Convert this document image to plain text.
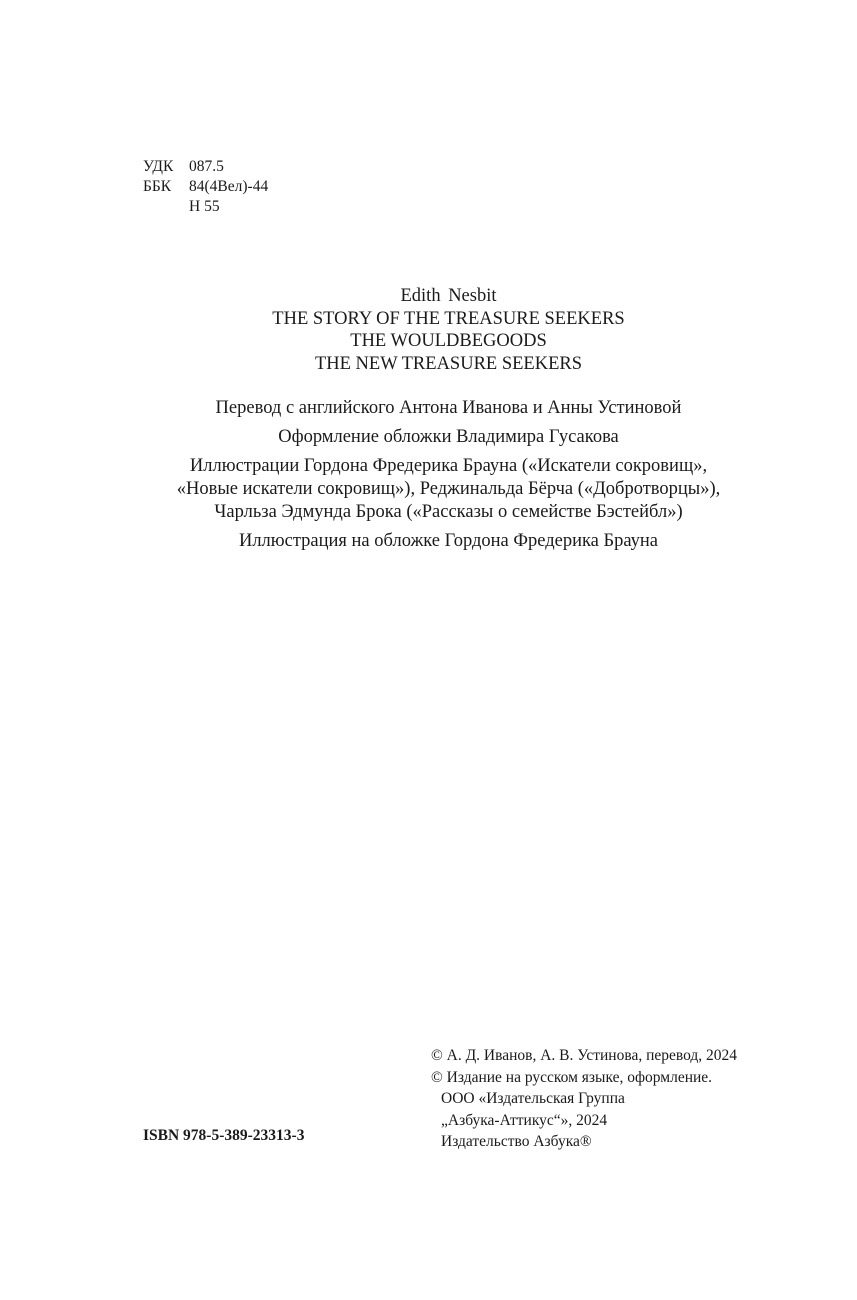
УДК	087.5
ББК	84(4Вел)-44
Н 55
Edith Nesbit
THE STORY OF THE TREASURE SEEKERS
THE WOULDBEGOODS
THE NEW TREASURE SEEKERS
Перевод с английского Антона Иванова и Анны Устиновой
Оформление обложки Владимира Гусакова
Иллюстрации Гордона Фредерика Брауна («Искатели сокровищ»,
«Новые искатели сокровищ»), Реджинальда Бёрча («Добротворцы»),
Чарльза Эдмунда Брока («Рассказы о семействе Бэстейбл»)
Иллюстрация на обложке Гордона Фредерика Брауна
ISBN 978-5-389-23313-3
© А. Д. Иванов, А. В. Устинова, перевод, 2024
© Издание на русском языке, оформление.
ООО «Издательская Группа
„Азбука-Аттикус“», 2024
Издательство Азбука®
